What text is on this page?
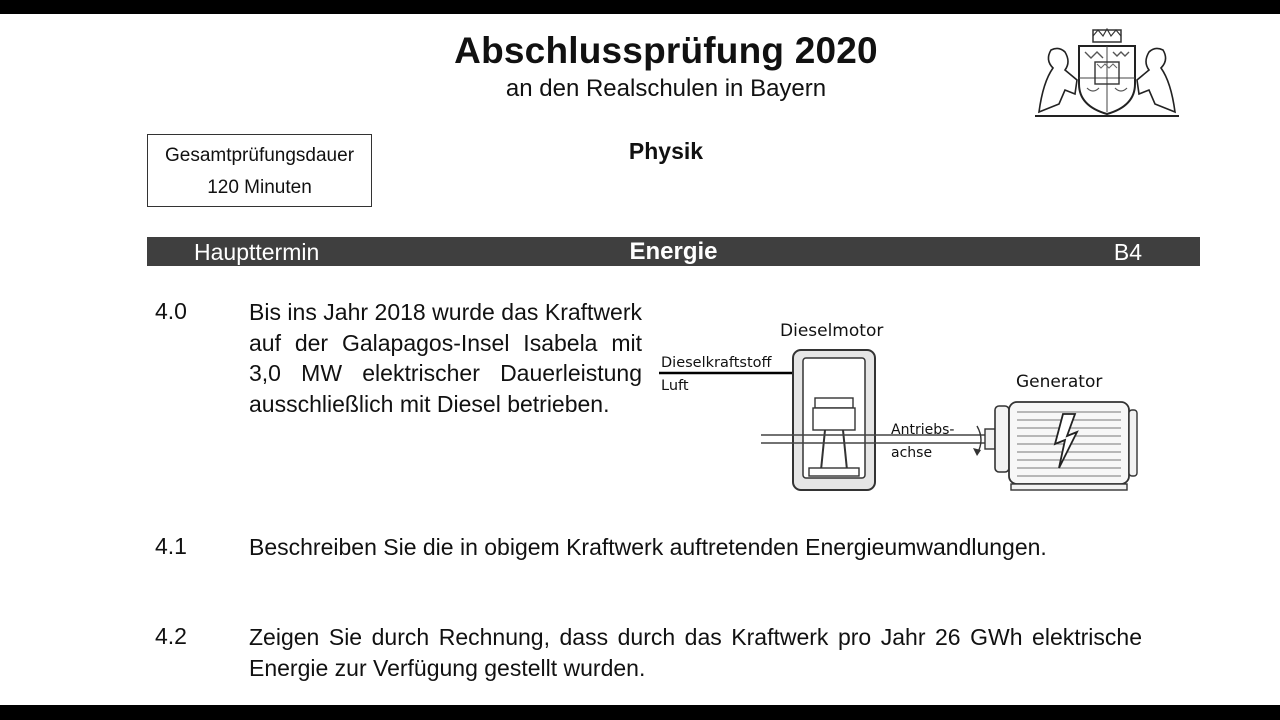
Abschlussprüfung 2020
an den Realschulen in Bayern
Gesamtprüfungsdauer
120 Minuten
Physik
Haupttermin	Energie	B4
4.0	Bis ins Jahr 2018 wurde das Kraftwerk auf der Galapagos-Insel Isabela mit 3,0 MW elektrischer Dauerleistung ausschließlich mit Diesel betrieben.
Dieselmotor
Dieselkraftstoff
Luft
Antriebs-
achse
Generator
4.1	Beschreiben Sie die in obigem Kraftwerk auftretenden Energieumwandlungen.
4.2	Zeigen Sie durch Rechnung, dass durch das Kraftwerk pro Jahr 26 GWh elektrische Energie zur Verfügung gestellt wurden.
